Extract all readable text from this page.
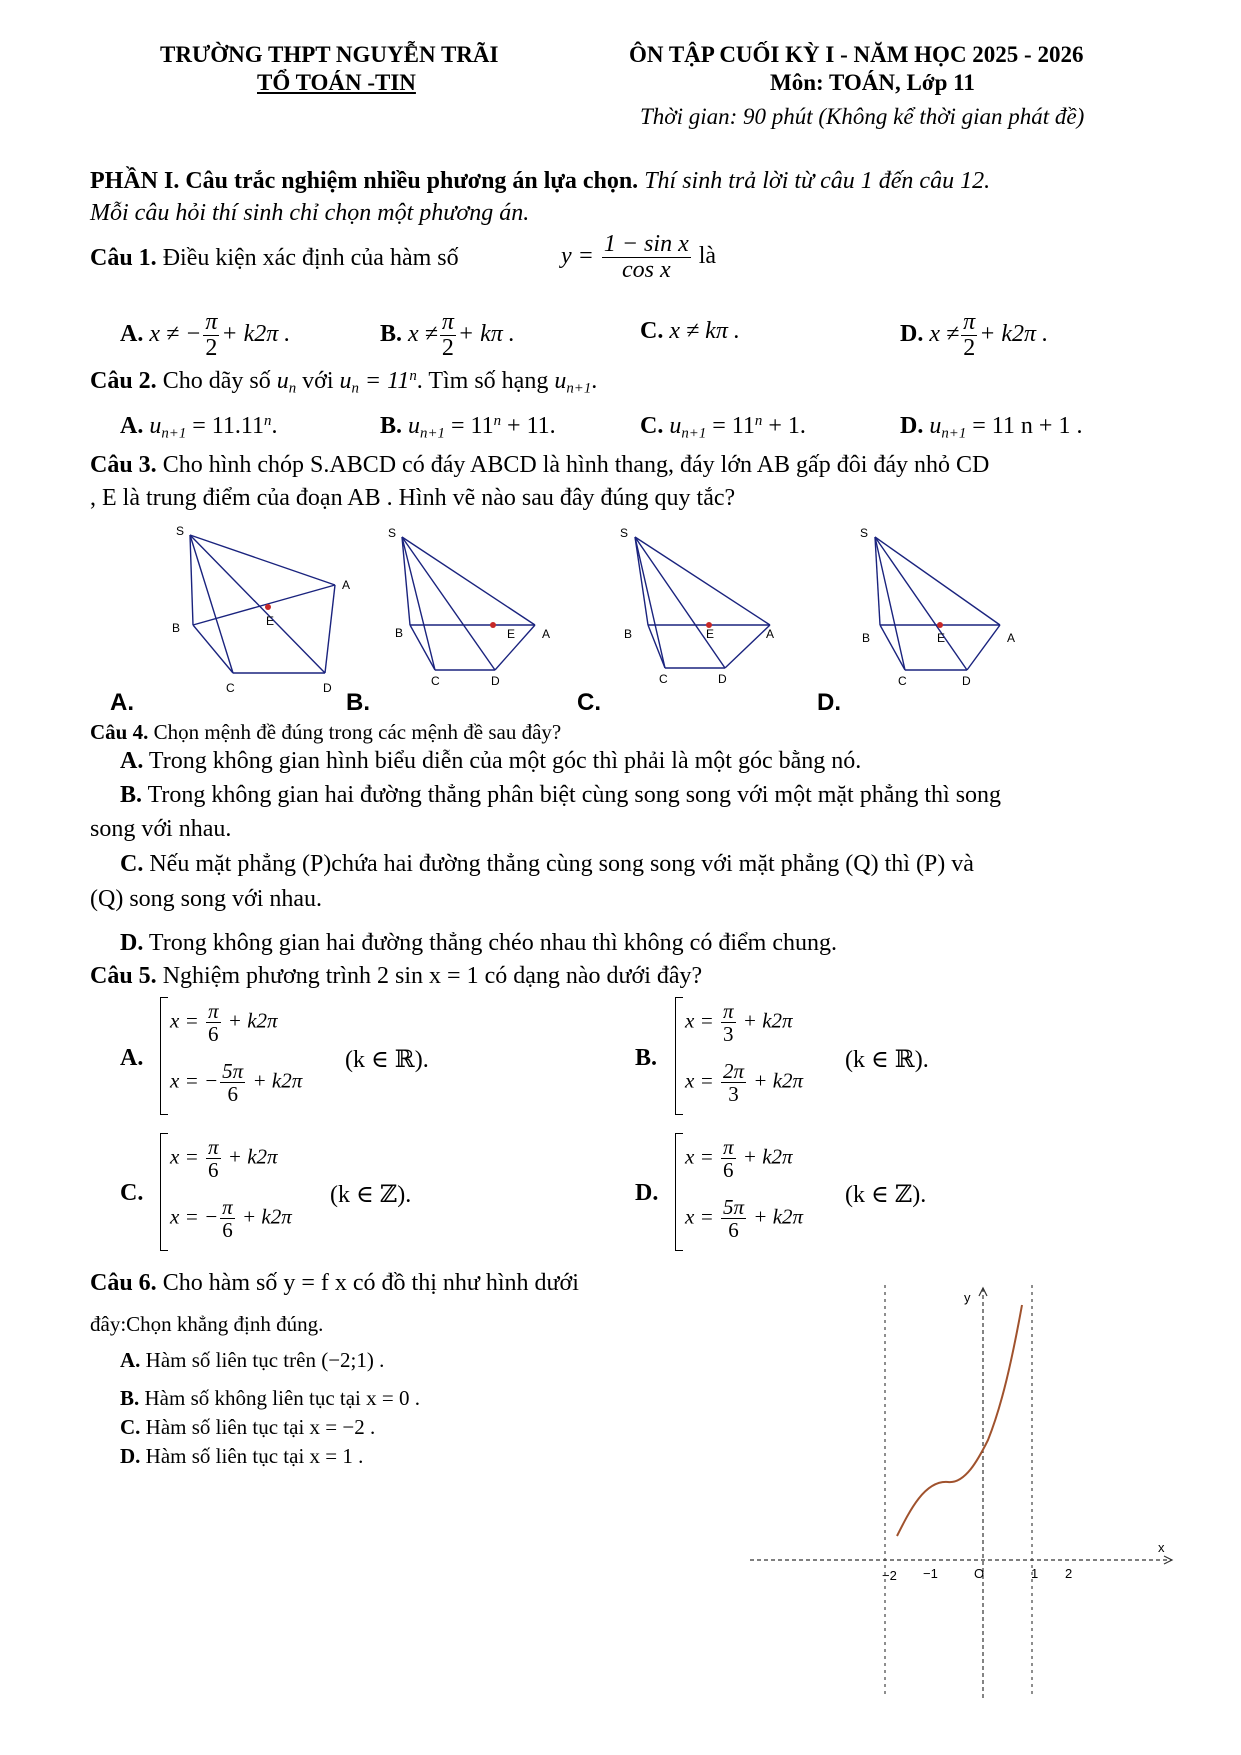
TRƯỜNG THPT NGUYỄN TRÃI
TỔ TOÁN -TIN
ÔN TẬP CUỐI KỲ I - NĂM HỌC 2025 - 2026
Môn: TOÁN, Lớp 11
Thời gian: 90 phút (Không kể thời gian phát đề)
PHẦN I. Câu trắc nghiệm nhiều phương án lựa chọn. Thí sinh trả lời từ câu 1 đến câu 12.
Mỗi câu hỏi thí sinh chỉ chọn một phương án.
Câu 1. Điều kiện xác định của hàm số	$y = \frac{\text{1 − sin x}}{\text{cos x}}$ là
A. x ≠ − $\frac{\pi}{2} + k2\pi$ .	B. $x \ne \frac{\pi}{2} + k\pi$ .	C. x ≠ kπ .	D. $x \ne \frac{\pi}{2} + k2\pi$ .
Câu 2. Cho dãy số $u_n$ với $u_n = 11^n$. Tìm số hạng $u_{n+1}$.
A. $u_{n+1} = 11.11^n$.	B. $u_{n+1} = 11^n + 11$.	C. $u_{n+1} = 11^n + 1$.	D. $u_{n+1} = 11$ n + 1 .
Câu 3. Cho hình chóp S.ABCD có đáy ABCD là hình thang, đáy lớn AB gấp đôi đáy nhỏ CD
, E là trung điểm của đoạn AB . Hình vẽ nào sau đây đúng quy tắc?
S
A
B	E
C	D
A.
S
B	E A
C	D
B.
S
B	E	A
C	D
C.
S
B	E	A
C	D
D.
Câu 4. Chọn mệnh đề đúng trong các mệnh đề sau đây?
A. Trong không gian hình biểu diễn của một góc thì phải là một góc bằng nó.
B. Trong không gian hai đường thẳng phân biệt cùng song song với một mặt phẳng thì song
song với nhau.
C. Nếu mặt phẳng (P)chứa hai đường thẳng cùng song song với mặt phẳng (Q) thì (P) và
(Q) song song với nhau.
D. Trong không gian hai đường thẳng chéo nhau thì không có điểm chung.
Câu 5. Nghiệm phương trình 2 sin x = 1 có dạng nào dưới đây?
A.
$x = \frac{\pi}{6} + k2\pi$
x = − $\frac{5\pi}{6} + k2\pi$
(k ∈ ℝ).	B.
$x = \frac{\pi}{3} + k2\pi$
$x = \frac{2\pi}{3} + k2\pi$
(k ∈ ℝ).
C.
$x = \frac{\pi}{6} + k2\pi$
x = − $\frac{\pi}{6} + k2\pi$
(k ∈ ℤ).	D.
$x = \frac{\pi}{6} + k2\pi$
$x = \frac{5\pi}{6} + k2\pi$
(k ∈ ℤ).
Câu 6. Cho hàm số y = f x có đồ thị như hình dưới
đây:Chọn khẳng định đúng.
A. Hàm số liên tục trên (−2;1) .
B. Hàm số không liên tục tại x = 0 .
C. Hàm số liên tục tại x = −2 .
D. Hàm số liên tục tại x = 1 .
y
x
−2 −1	O	1 2
